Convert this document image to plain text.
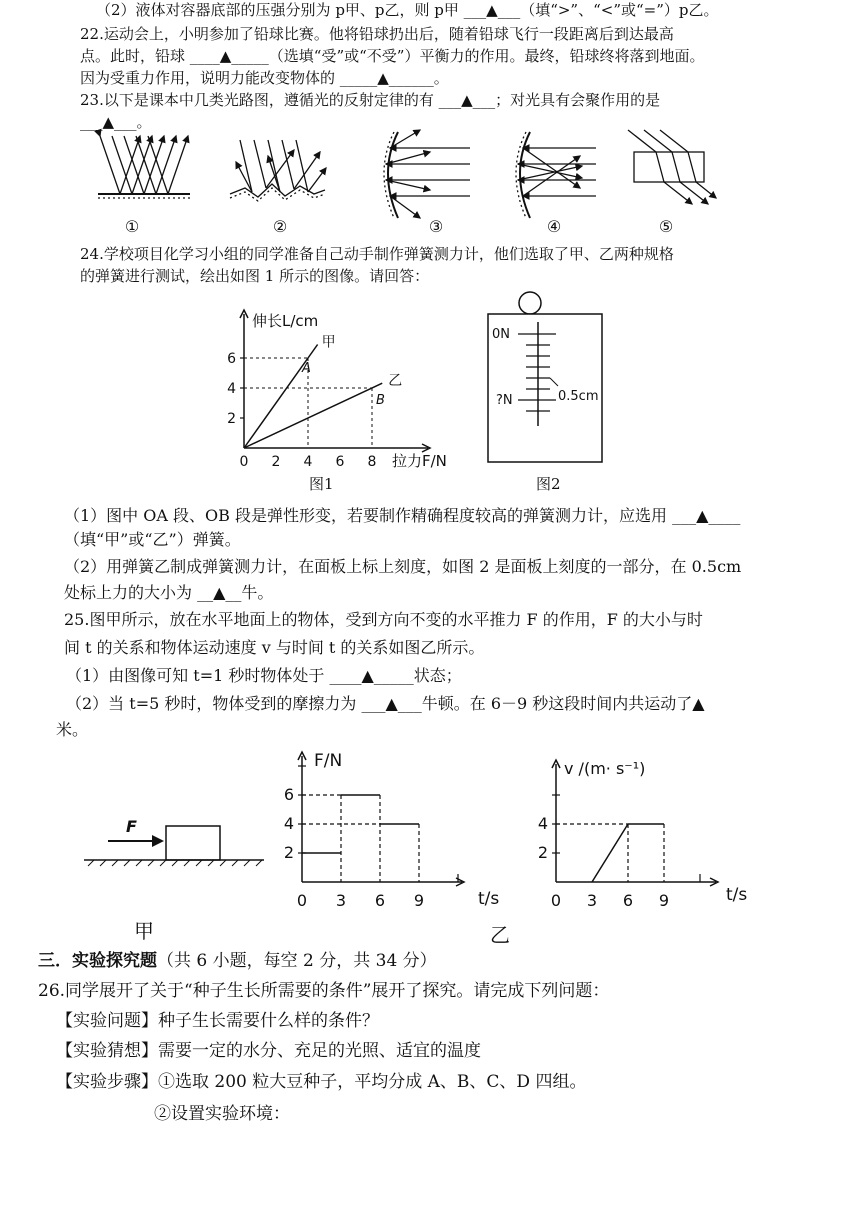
（2）液体对容器底部的压强分别为 p甲、p乙，则 p甲 ___▲___（填“>”、“<”或“=”）p乙。
22.运动会上，小明参加了铅球比赛。他将铅球扔出后，随着铅球飞行一段距离后到达最高
点。此时，铅球 ____▲_____（选填“受”或“不受”）平衡力的作用。最终，铅球终将落到地面。
因为受重力作用，说明力能改变物体的 _____▲______。
23.以下是课本中几类光路图，遵循光的反射定律的有 ___▲___；对光具有会聚作用的是
___▲___。
①	②	③	④	⑤
24.学校项目化学习小组的同学准备自己动手制作弹簧测力计，他们选取了甲、乙两种规格
的弹簧进行测试，绘出如图 1 所示的图像。请回答：
伸长L/cm
拉力F/N
2
4
6
0 2 4 6 8
甲
乙
A
B
图1
0N
?N	0.5cm
图2
（1）图中 OA 段、OB 段是弹性形变，若要制作精确程度较高的弹簧测力计，应选用 ___▲____
（填“甲”或“乙”）弹簧。
（2）用弹簧乙制成弹簧测力计，在面板上标上刻度，如图 2 是面板上刻度的一部分，在 0.5cm
处标上力的大小为 __▲__牛。
25.图甲所示，放在水平地面上的物体，受到方向不变的水平推力 F 的作用，F 的大小与时
间 t 的关系和物体运动速度 v 与时间 t 的关系如图乙所示。
（1）由图像可知 t=1 秒时物体处于 ____▲_____状态；
（2）当 t=5 秒时，物体受到的摩擦力为 ___▲___牛顿。在 6－9 秒这段时间内共运动了▲
米。
F
甲
F/N
t/s
2
4
6
0 3 6 9
v /(m· s⁻¹)
t/s
乙
2
4
0 3 6 9
三．实验探究题（共 6 小题，每空 2 分，共 34 分）
26.同学展开了关于“种子生长所需要的条件”展开了探究。请完成下列问题：
【实验问题】种子生长需要什么样的条件？
【实验猜想】需要一定的水分、充足的光照、适宜的温度
【实验步骤】①选取 200 粒大豆种子，平均分成 A、B、C、D 四组。
②设置实验环境：
